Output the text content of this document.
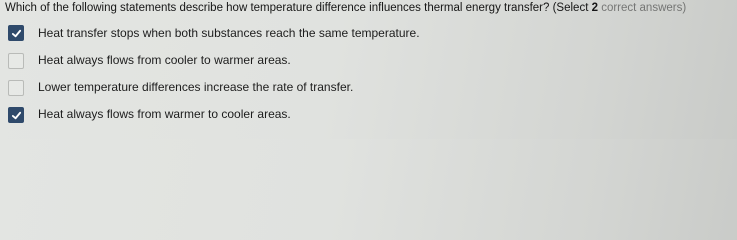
Which of the following statements describe how temperature difference influences thermal energy transfer? (Select 2 correct answers)
Heat transfer stops when both substances reach the same temperature.
Heat always flows from cooler to warmer areas.
Lower temperature differences increase the rate of transfer.
Heat always flows from warmer to cooler areas.
